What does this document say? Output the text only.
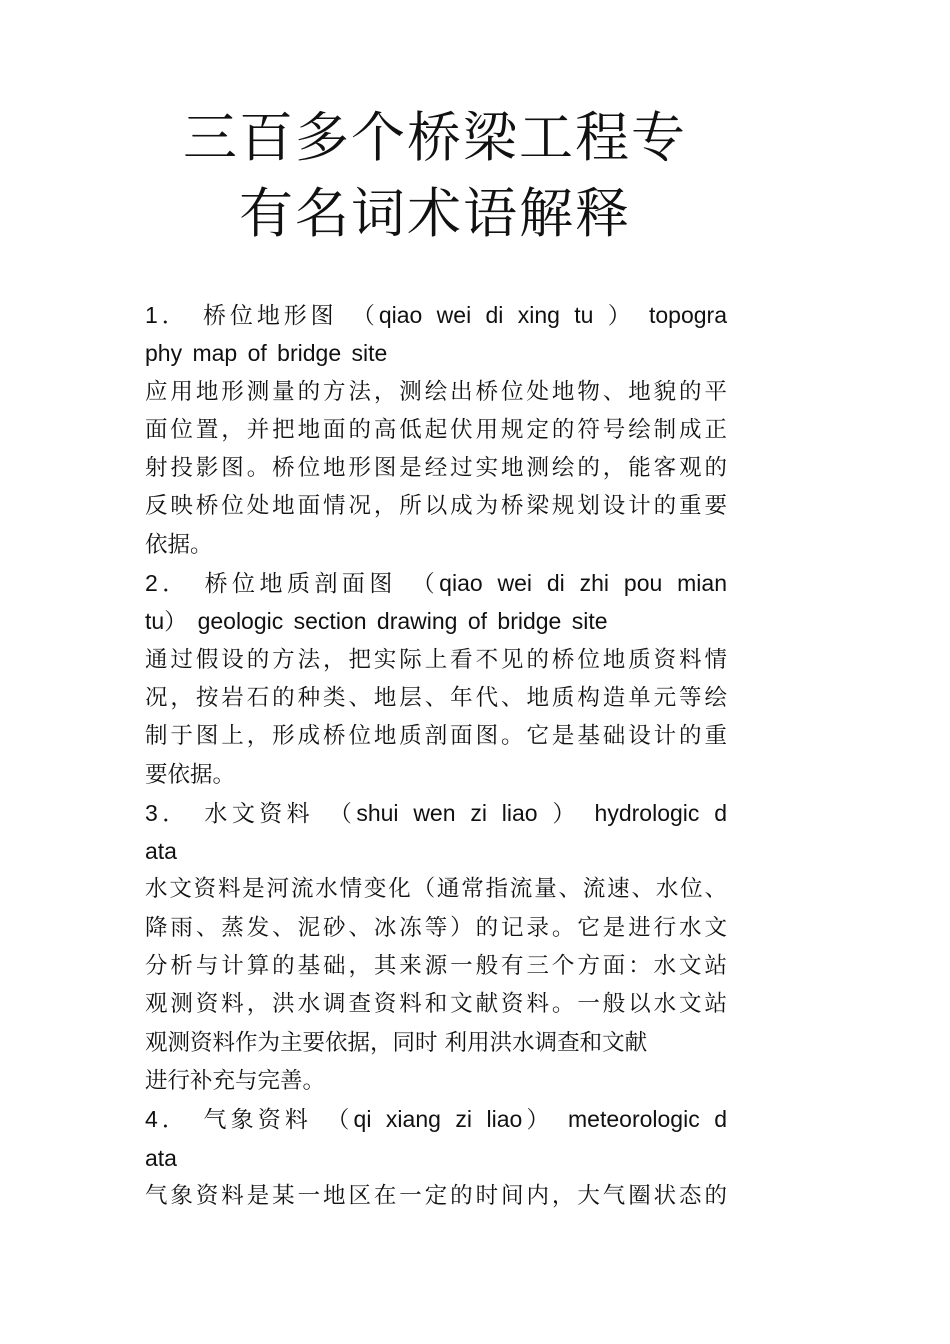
三百多个桥梁工程专
有名词术语解释
1． 桥位地形图 （qiao wei di xing tu ） topogra
phy map of bridge site
应用地形测量的方法，测绘出桥位处地物、地貌的平
面位置，并把地面的高低起伏用规定的符号绘制成正
射投影图。桥位地形图是经过实地测绘的，能客观的
反映桥位处地面情况，所以成为桥梁规划设计的重要
依据。
2． 桥位地质剖面图 （qiao wei di zhi pou mian
tu） geologic section drawing of bridge site
通过假设的方法，把实际上看不见的桥位地质资料情
况，按岩石的种类、地层、年代、地质构造单元等绘
制于图上，形成桥位地质剖面图。它是基础设计的重
要依据。
3． 水文资料 （shui wen zi liao ） hydrologic d
ata
水文资料是河流水情变化（通常指流量、流速、水位、
降雨、蒸发、泥砂、冰冻等）的记录。它是进行水文
分析与计算的基础，其来源一般有三个方面：水文站
观测资料，洪水调查资料和文献资料。一般以水文站
观测资料作为主要依据，同时 利用洪水调查和文献
进行补充与完善。
4． 气象资料 （qi xiang zi liao） meteorologic d
ata
气象资料是某一地区在一定的时间内，大气圈状态的
